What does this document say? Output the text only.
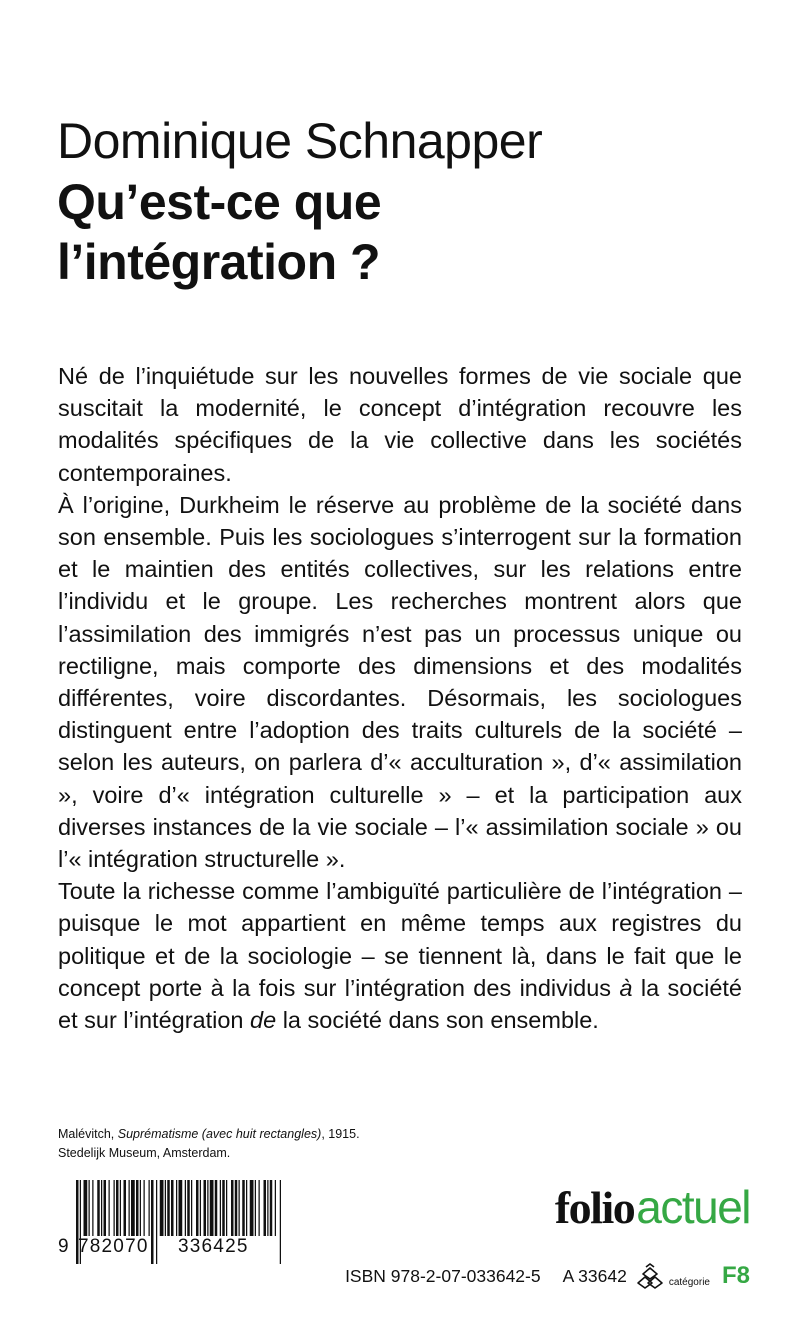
Dominique Schnapper
Qu’est-ce que
l’intégration ?

Né de l’inquiétude sur les nouvelles formes de vie sociale que suscitait la modernité, le concept d’intégration recouvre les modalités spécifiques de la vie collective dans les sociétés contemporaines.

À l’origine, Durkheim le réserve au problème de la société dans son ensemble. Puis les sociologues s’interrogent sur la formation et le maintien des entités collectives, sur les relations entre l’individu et le groupe. Les recherches montrent alors que l’assimilation des immigrés n’est pas un processus unique ou rectiligne, mais comporte des dimensions et des modalités différentes, voire discordantes. Désormais, les sociologues distinguent entre l’adoption des traits culturels de la société – selon les auteurs, on parlera d’« acculturation », d’« assimilation », voire d’« intégration culturelle » – et la participation aux diverses instances de la vie sociale – l’« assimilation sociale » ou l’« intégration structurelle ».

Toute la richesse comme l’ambiguïté particulière de l’intégration – puisque le mot appartient en même temps aux registres du politique et de la sociologie – se tiennent là, dans le fait que le concept porte à la fois sur l’intégration des individus à la société et sur l’intégration de la société dans son ensemble.

Malévitch, Suprématisme (avec huit rectangles), 1915.
Stedelijk Museum, Amsterdam.
9 782070 336425
folioactuel
ISBN 978-2-07-033642-5 A 33642	catégorie F8
